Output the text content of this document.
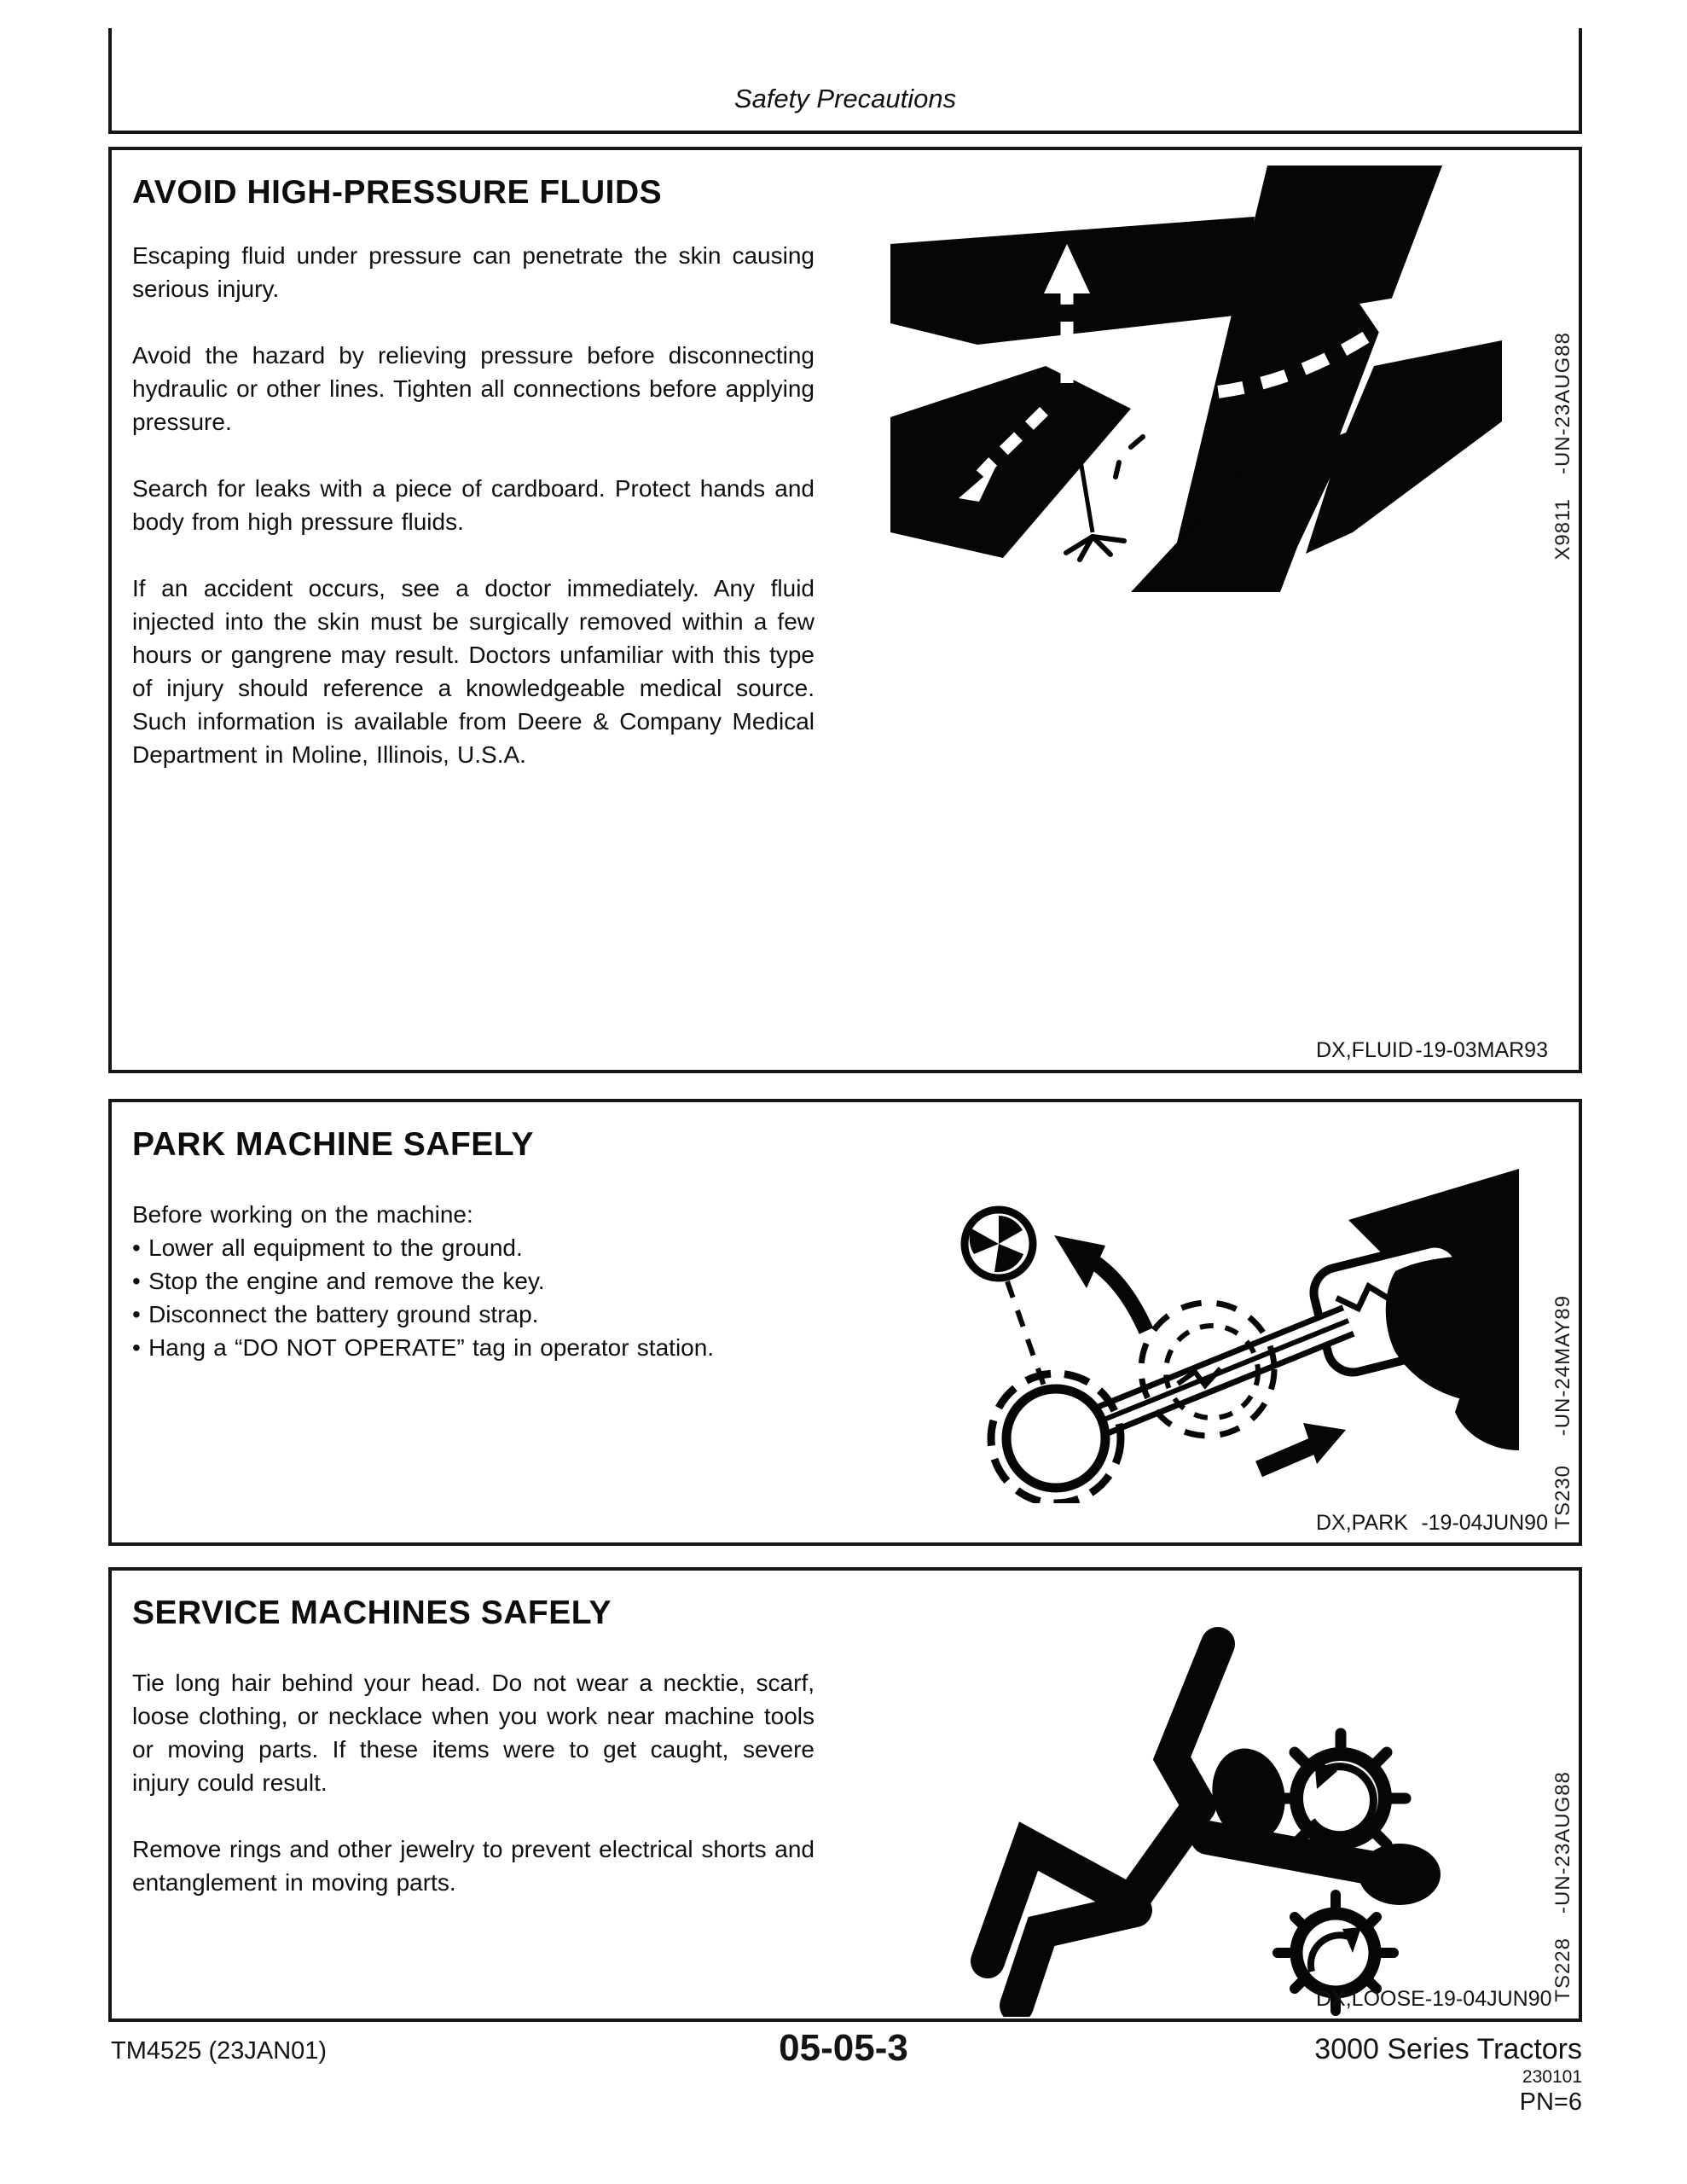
Safety Precautions
AVOID HIGH-PRESSURE FLUIDS

Escaping fluid under pressure can penetrate the skin causing serious injury.

Avoid the hazard by relieving pressure before disconnecting hydraulic or other lines. Tighten all connections before applying pressure.

Search for leaks with a piece of cardboard. Protect hands and body from high pressure fluids.

If an accident occurs, see a doctor immediately. Any fluid injected into the skin must be surgically removed within a few hours or gangrene may result. Doctors unfamiliar with this type of injury should reference a knowledgeable medical source. Such information is available from Deere & Company Medical Department in Moline, Illinois, U.S.A.

-UN-23AUG88
X9811
DX,FLUID -19-03MAR93
PARK MACHINE SAFELY
Before working on the machine:
• Lower all equipment to the ground.
• Stop the engine and remove the key.
• Disconnect the battery ground strap.
• Hang a “DO NOT OPERATE” tag in operator station.	-UN-24MAY89
TS230
DX,PARK -19-04JUN90
SERVICE MACHINES SAFELY

Tie long hair behind your head. Do not wear a necktie, scarf, loose clothing, or necklace when you work near machine tools or moving parts. If these items were to get caught, severe injury could result.

Remove rings and other jewelry to prevent electrical shorts and entanglement in moving parts.	-UN-23AUG88
TS228
DX,LOOSE -19-04JUN90
TM4525 (23JAN01)	05-05-3	3000 Series Tractors
230101
PN=6
